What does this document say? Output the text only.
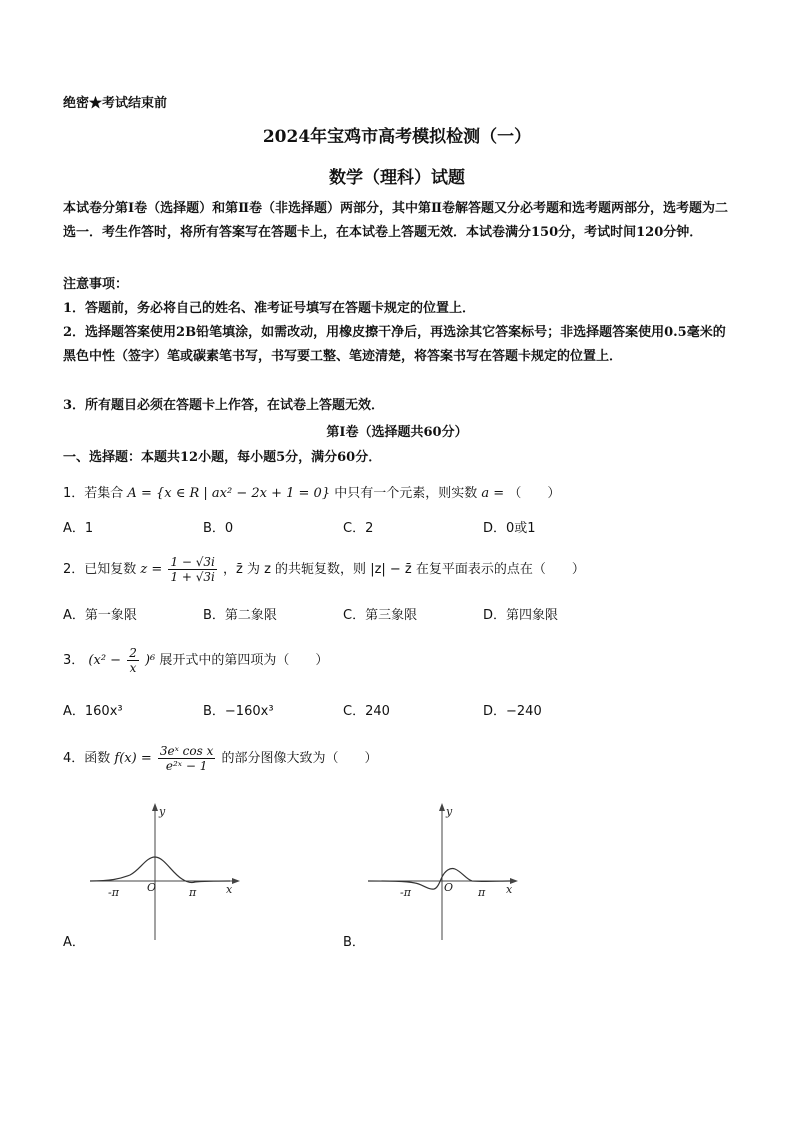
绝密★考试结束前
2024年宝鸡市高考模拟检测（一）
数学（理科）试题
本试卷分第Ⅰ卷（选择题）和第Ⅱ卷（非选择题）两部分，其中第Ⅱ卷解答题又分必考题和选考题两部分，选考题为二选一．考生作答时，将所有答案写在答题卡上，在本试卷上答题无效．本试卷满分150分，考试时间120分钟．
注意事项：
1．答题前，务必将自己的姓名、准考证号填写在答题卡规定的位置上．
2．选择题答案使用2B铅笔填涂，如需改动，用橡皮擦干净后，再选涂其它答案标号；非选择题答案使用0.5毫米的黑色中性（签字）笔或碳素笔书写，书写要工整、笔迹清楚，将答案书写在答题卡规定的位置上．
3．所有题目必须在答题卡上作答，在试卷上答题无效．
第Ⅰ卷（选择题共60分）
一、选择题：本题共12小题，每小题5分，满分60分．
1．若集合 A = {x ∈ R | ax² − 2x + 1 = 0} 中只有一个元素，则实数 a = （　　）
A．1	B．0	C．2	D．0或1
2．已知复数 $z = \frac{1 - √3i}{1 + √3i}$ ，z̄ 为 z 的共轭复数，则 |z| − z̄ 在复平面表示的点在（　　）
A．第一象限	B．第二象限	C．第三象限	D．第四象限
3． $(x^2 - \frac{2}{x} )^6$ 展开式中的第四项为（　　）
A．160x³	B．−160x³	C．240	D．−240
4．函数 $f(x) = \frac{\text{3eˣ cos x}}{\text{e²ˣ − 1}}$ 的部分图像大致为（　　）
y
x
O
-π	π
A．
y
x
O
-π	π
B．
